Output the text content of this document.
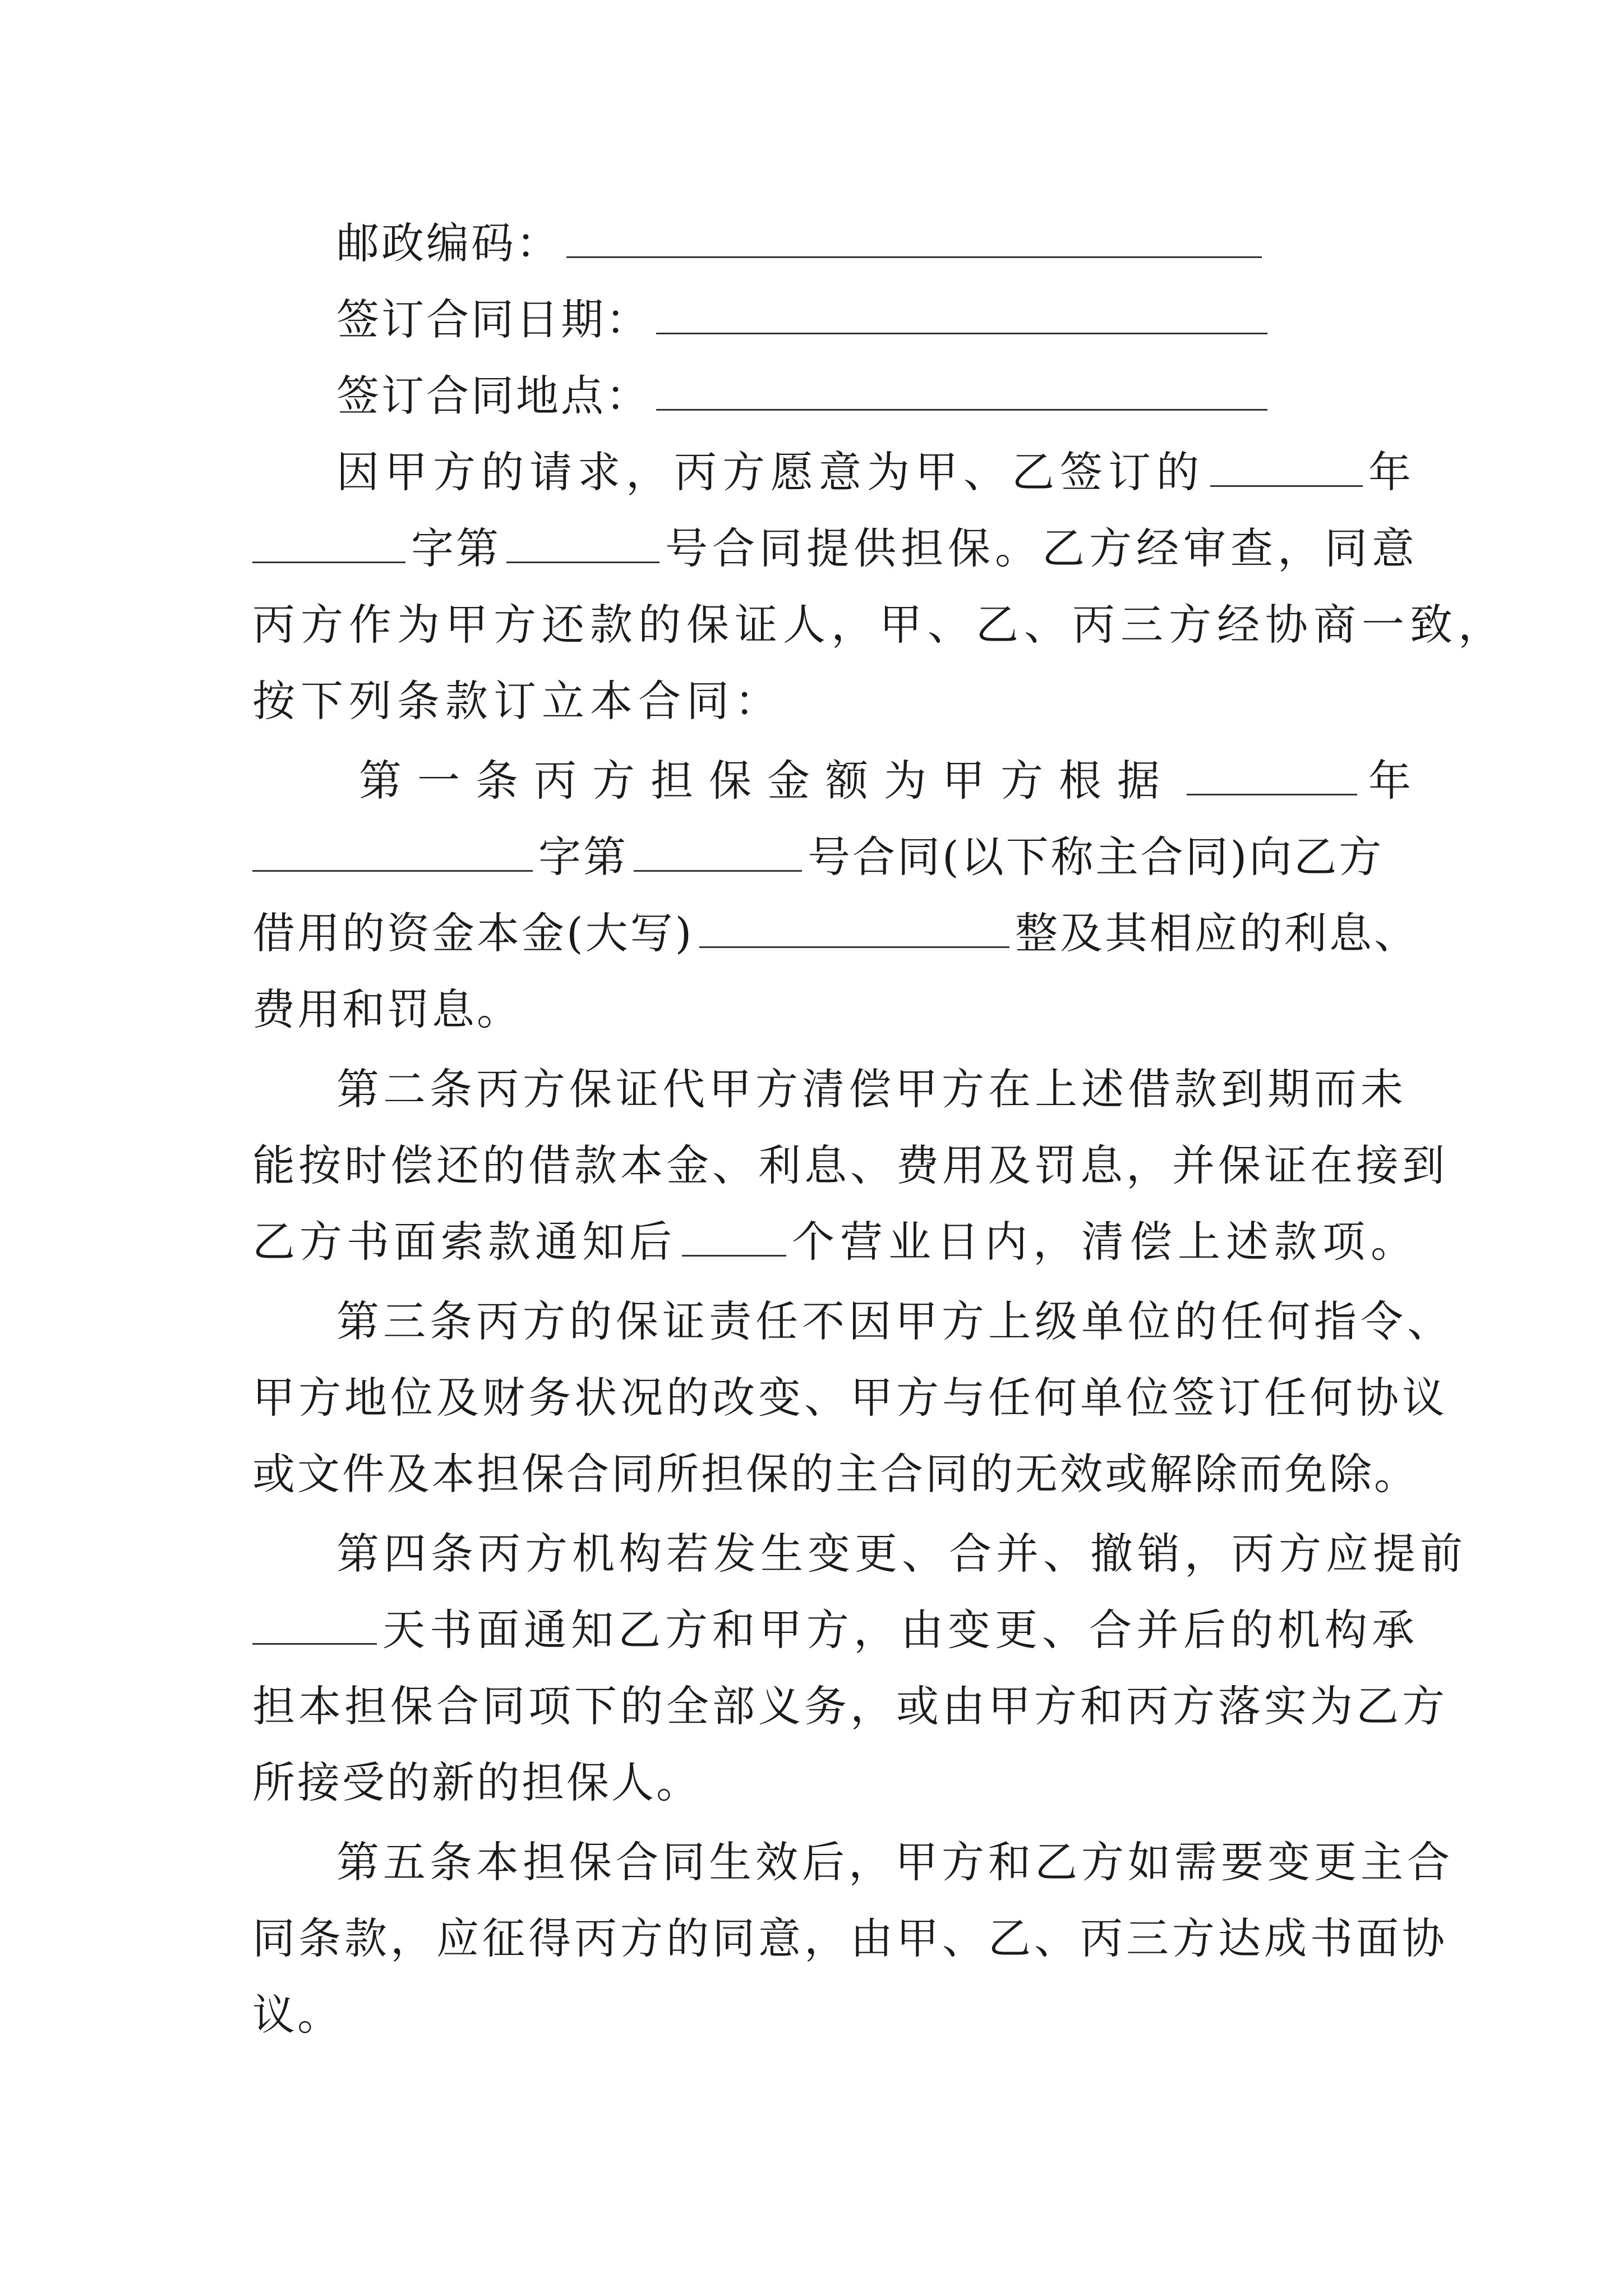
邮政编码：
签订合同日期：
签订合同地点：
因甲方的请求，丙方愿意为甲、乙签订的	年
字第	号合同提供担保。乙方经审查，同意
丙方作为甲方还款的保证人，甲、乙、丙三方经协商一致，
按下列条款订立本合同：
第一条丙方担保金额为甲方根据	年
字第	号合同(以下称主合同)向乙方
借用的资金本金(大写)	整及其相应的利息、
费用和罚息。
第二条丙方保证代甲方清偿甲方在上述借款到期而未
能按时偿还的借款本金、利息、费用及罚息，并保证在接到
乙方书面索款通知后	个营业日内，清偿上述款项。
第三条丙方的保证责任不因甲方上级单位的任何指令、
甲方地位及财务状况的改变、甲方与任何单位签订任何协议
或文件及本担保合同所担保的主合同的无效或解除而免除。
第四条丙方机构若发生变更、合并、撤销，丙方应提前
天书面通知乙方和甲方，由变更、合并后的机构承
担本担保合同项下的全部义务，或由甲方和丙方落实为乙方
所接受的新的担保人。
第五条本担保合同生效后，甲方和乙方如需要变更主合
同条款，应征得丙方的同意，由甲、乙、丙三方达成书面协
议。
